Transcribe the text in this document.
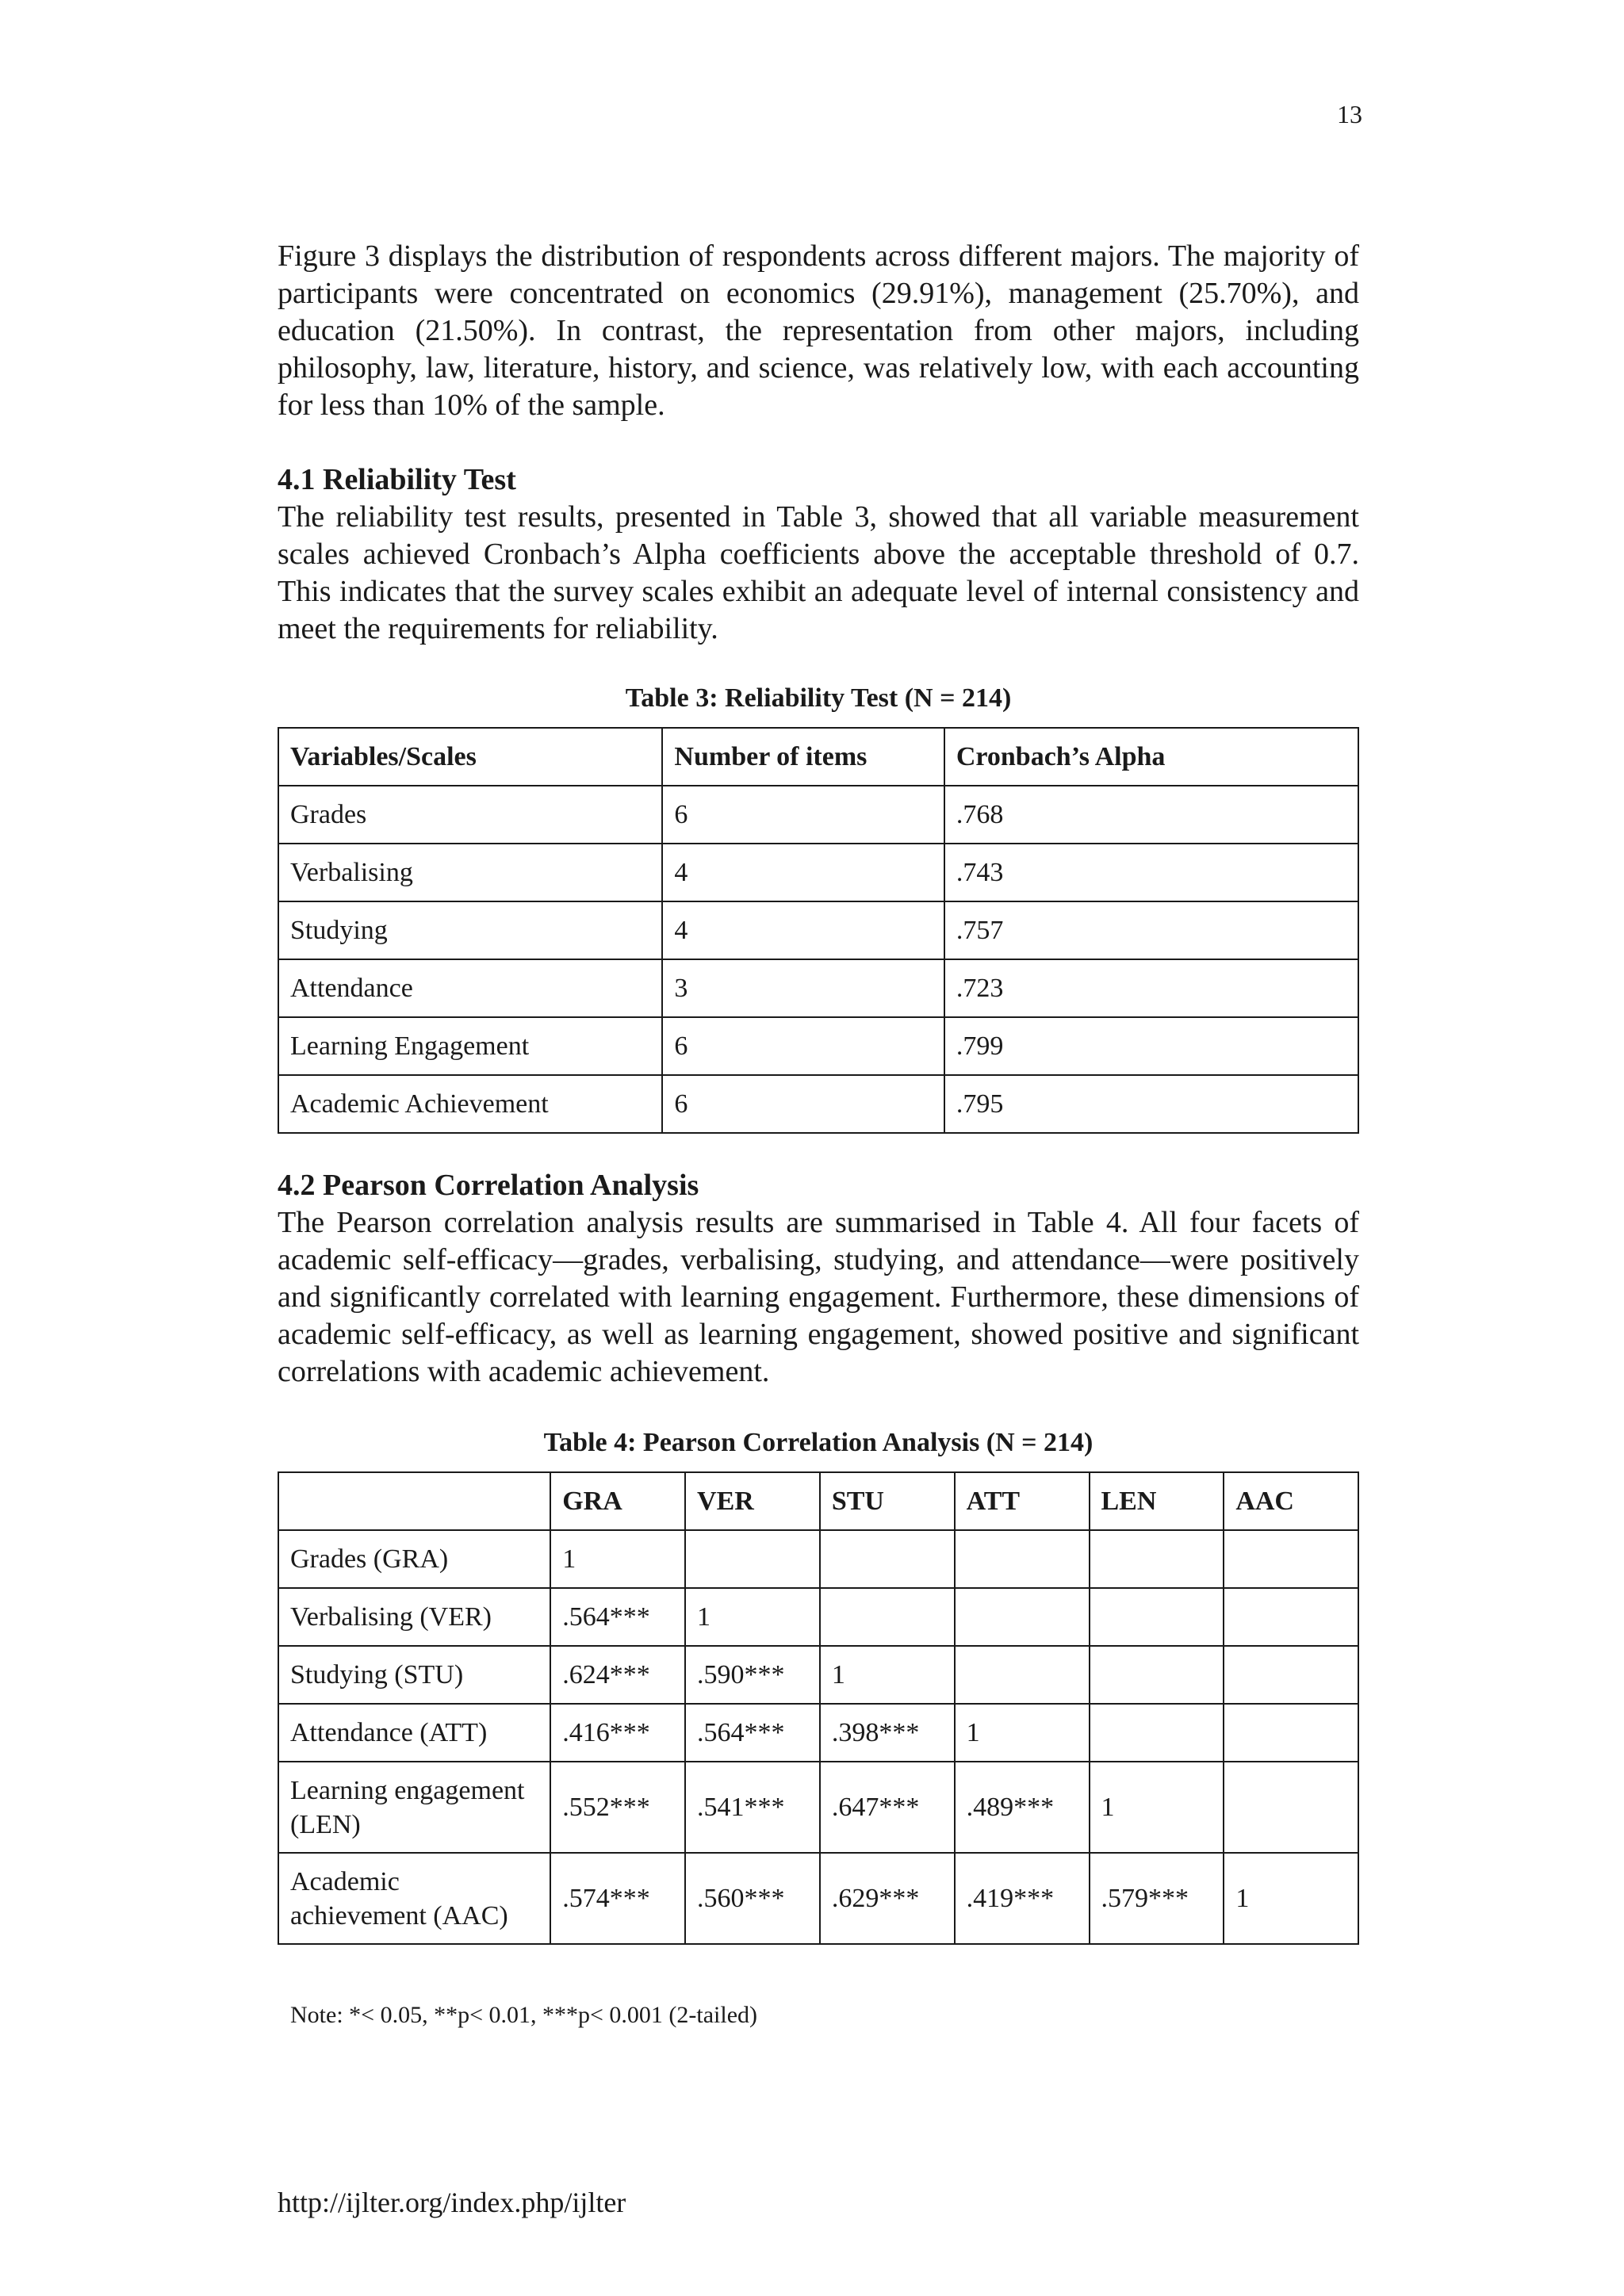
13

Figure 3 displays the distribution of respondents across different majors. The majority of participants were concentrated on economics (29.91%), management (25.70%), and education (21.50%). In contrast, the representation from other majors, including philosophy, law, literature, history, and science, was relatively low, with each accounting for less than 10% of the sample.

4.1 Reliability Test

The reliability test results, presented in Table 3, showed that all variable measurement scales achieved Cronbach’s Alpha coefficients above the acceptable threshold of 0.7. This indicates that the survey scales exhibit an adequate level of internal consistency and meet the requirements for reliability.

Table 3: Reliability Test (N = 214)
Variables/Scales	Number of items	Cronbach’s Alpha
Grades	6	.768
Verbalising	4	.743
Studying	4	.757
Attendance	3	.723
Learning Engagement	6	.799
Academic Achievement	6	.795
4.2 Pearson Correlation Analysis

The Pearson correlation analysis results are summarised in Table 4. All four facets of academic self-efficacy—grades, verbalising, studying, and attendance—were positively and significantly correlated with learning engagement. Furthermore, these dimensions of academic self-efficacy, as well as learning engagement, showed positive and significant correlations with academic achievement.

Table 4: Pearson Correlation Analysis (N = 214)
	GRA	VER	STU	ATT	LEN	AAC
Grades (GRA)	1					
Verbalising (VER)	.564***	1				
Studying (STU)	.624***	.590***	1			
Attendance (ATT)	.416***	.564***	.398***	1		
Learning engagement (LEN)	.552***	.541***	.647***	.489***	1	
Academic achievement (AAC)	.574***	.560***	.629***	.419***	.579***	1
Note: *< 0.05, **p< 0.01, ***p< 0.001 (2-tailed)
http://ijlter.org/index.php/ijlter
